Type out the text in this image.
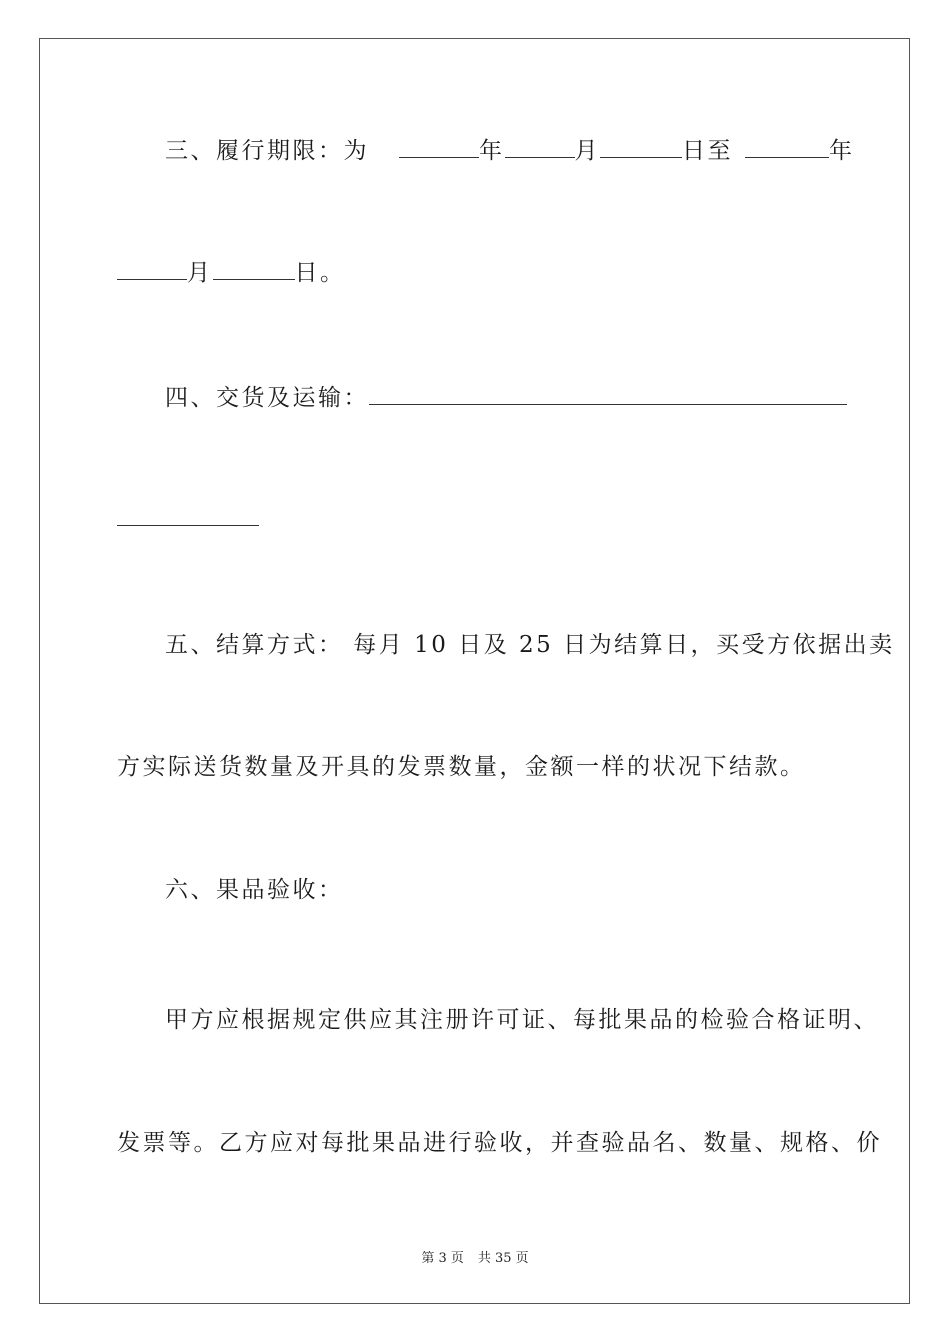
三、履行期限：为	年	月	日至	年
月	日。
四、交货及运输：
五、结算方式： 每月 10 日及 25 日为结算日，买受方依据出卖
方实际送货数量及开具的发票数量，金额一样的状况下结款。
六、果品验收：
甲方应根据规定供应其注册许可证、每批果品的检验合格证明、
发票等。乙方应对每批果品进行验收，并查验品名、数量、规格、价
第 3 页 共 35 页
